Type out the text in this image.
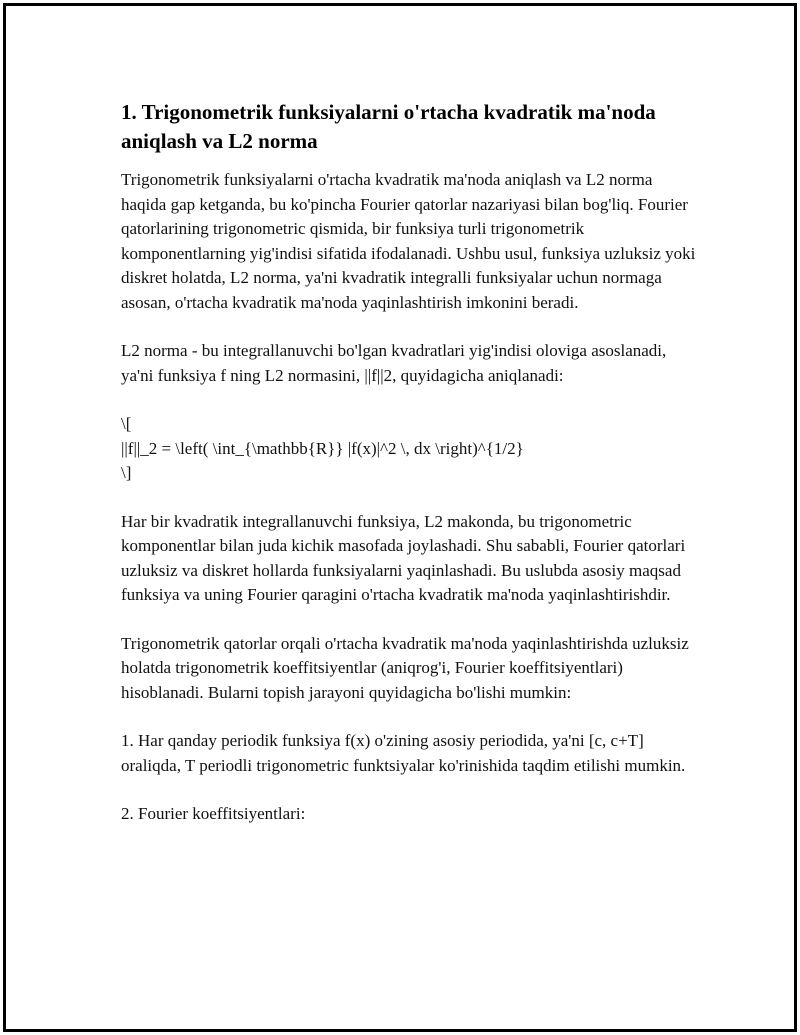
1. Trigonometrik funksiyalarni o'rtacha kvadratik ma'noda aniqlash va L2 norma

Trigonometrik funksiyalarni o'rtacha kvadratik ma'noda aniqlash va L2 norma haqida gap ketganda, bu ko'pincha Fourier qatorlar nazariyasi bilan bog'liq. Fourier qatorlarining trigonometric qismida, bir funksiya turli trigonometrik komponentlarning yig'indisi sifatida ifodalanadi. Ushbu usul, funksiya uzluksiz yoki diskret holatda, L2 norma, ya'ni kvadratik integralli funksiyalar uchun normaga asosan, o'rtacha kvadratik ma'noda yaqinlashtirish imkonini beradi.

L2 norma - bu integrallanuvchi bo'lgan kvadratlari yig'indisi oloviga asoslanadi, ya'ni funksiya f ning L2 normasini, ||f||2, quyidagicha aniqlanadi:

\[
||f||_2 = \left( \int_{\mathbb{R}} |f(x)|^2 \, dx \right)^{1/2}
\]

Har bir kvadratik integrallanuvchi funksiya, L2 makonda, bu trigonometric komponentlar bilan juda kichik masofada joylashadi. Shu sababli, Fourier qatorlari uzluksiz va diskret hollarda funksiyalarni yaqinlashadi. Bu uslubda asosiy maqsad funksiya va uning Fourier qaragini o'rtacha kvadratik ma'noda yaqinlashtirishdir.

Trigonometrik qatorlar orqali o'rtacha kvadratik ma'noda yaqinlashtirishda uzluksiz holatda trigonometrik koeffitsiyentlar (aniqrog'i, Fourier koeffitsiyentlari) hisoblanadi. Bularni topish jarayoni quyidagicha bo'lishi mumkin:

1. Har qanday periodik funksiya f(x) o'zining asosiy periodida, ya'ni [c, c+T] oraliqda, T periodli trigonometric funktsiyalar ko'rinishida taqdim etilishi mumkin.

2. Fourier koeffitsiyentlari:
